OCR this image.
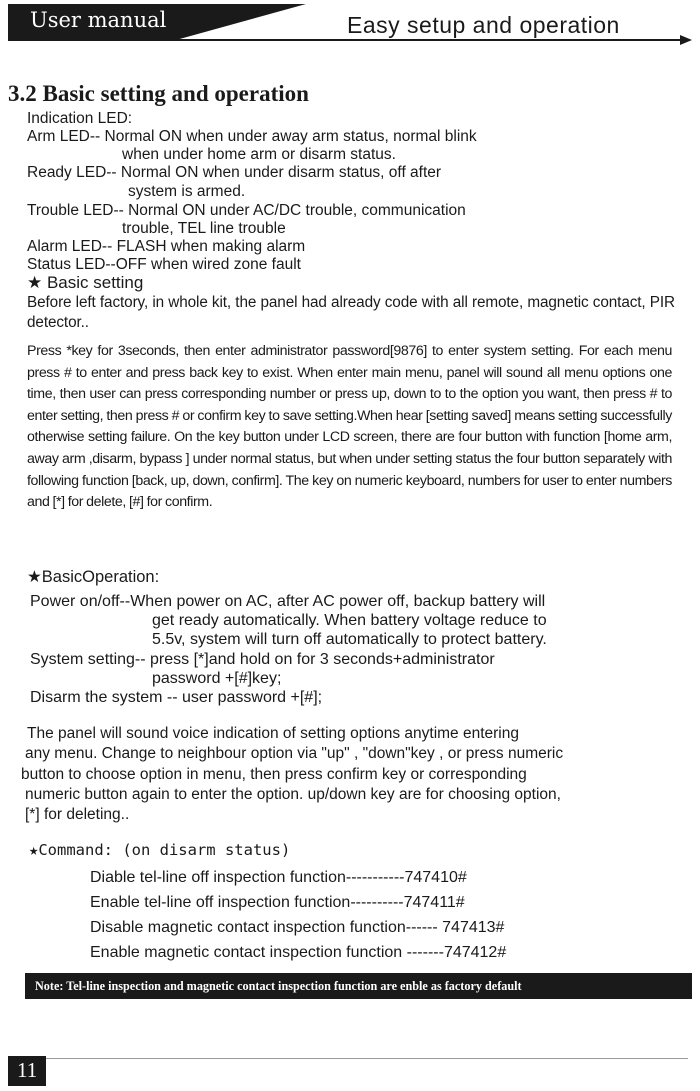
User manual	Easy setup and operation
3.2 Basic setting and operation
Indication LED:
Arm LED-- Normal ON when under away arm status, normal blink
when under home arm or disarm status.
Ready LED-- Normal ON when under disarm status, off after
system is armed.
Trouble LED-- Normal ON under AC/DC trouble, communication
trouble, TEL line trouble
Alarm LED-- FLASH when making alarm
Status LED--OFF when wired zone fault
★ Basic setting
Before left factory, in whole kit, the panel had already code with all remote, magnetic contact, PIR detector..
Press *key for 3seconds, then enter administrator password[9876] to enter system setting. For each menu press # to enter and press back key to exist. When enter main menu, panel will sound all menu options one time, then user can press corresponding number or press up, down to to the option you want, then press # to enter setting, then press # or confirm key to save setting.When hear [setting saved] means setting successfully otherwise setting failure. On the key button under LCD screen, there are four button with function [home arm, away arm ,disarm, bypass ] under normal status, but when under setting status the four button separately with following function [back, up, down, confirm]. The key on numeric keyboard, numbers for user to enter numbers and [*] for delete, [#] for confirm.
★BasicOperation:
Power on/off--When power on AC, after AC power off, backup battery will
get ready automatically. When battery voltage reduce to
5.5v, system will turn off automatically to protect battery.
System setting-- press [*]and hold on for 3 seconds+administrator
password +[#]key;
Disarm the system -- user password +[#];
The panel will sound voice indication of setting options anytime entering
any menu. Change to neighbour option via "up" , "down"key , or press numeric
button to choose option in menu, then press confirm key or corresponding
numeric button again to enter the option. up/down key are for choosing option,
[*] for deleting..
★Command: (on disarm status)
Diable tel-line off inspection function-----------747410#
Enable tel-line off inspection function----------747411#
Disable magnetic contact inspection function------ 747413#
Enable magnetic contact inspection function -------747412#
Note: Tel-line inspection and magnetic contact inspection function are enble as factory default
11
